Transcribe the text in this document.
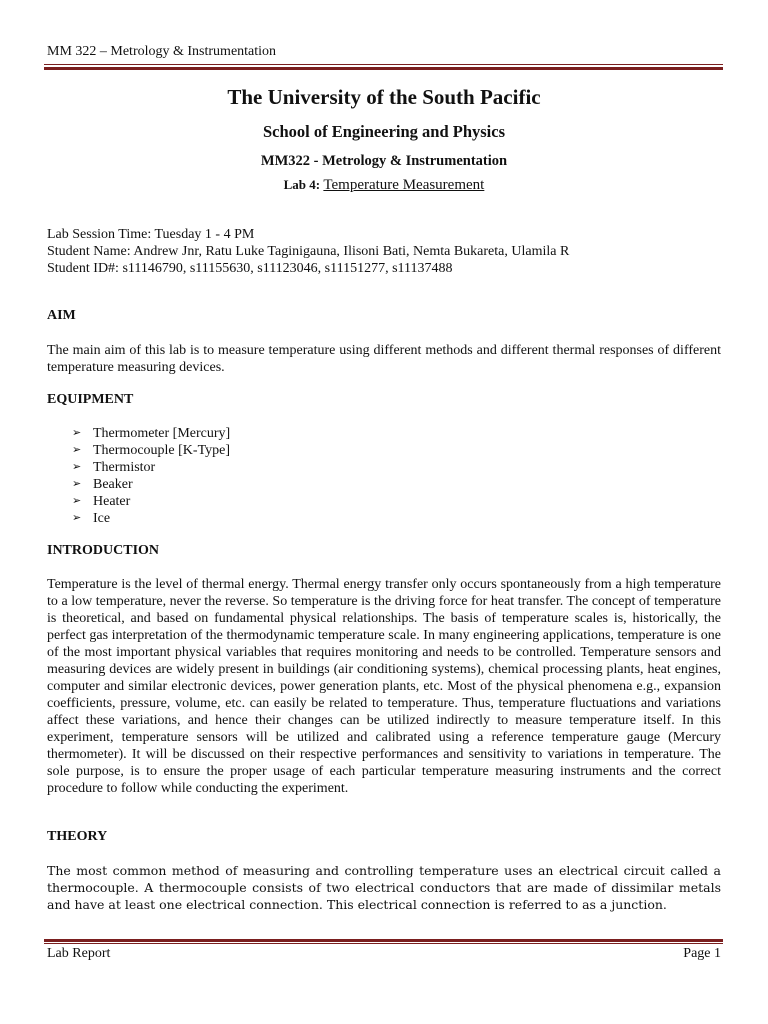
MM 322 – Metrology & Instrumentation
The University of the South Pacific
School of Engineering and Physics
MM322 - Metrology & Instrumentation
Lab 4: Temperature Measurement
Lab Session Time: Tuesday 1 - 4 PM
Student Name: Andrew Jnr, Ratu Luke Taginigauna, Ilisoni Bati, Nemta Bukareta, Ulamila R
Student ID#: s11146790, s11155630, s11123046, s11151277, s11137488
AIM
The main aim of this lab is to measure temperature using different methods and different thermal responses of different temperature measuring devices.
EQUIPMENT
➢ Thermometer [Mercury]
➢ Thermocouple [K-Type]
➢ Thermistor
➢ Beaker
➢ Heater
➢ Ice
INTRODUCTION
Temperature is the level of thermal energy. Thermal energy transfer only occurs spontaneously from a high temperature to a low temperature, never the reverse. So temperature is the driving force for heat transfer. The concept of temperature is theoretical, and based on fundamental physical relationships. The basis of temperature scales is, historically, the perfect gas interpretation of the thermodynamic temperature scale. In many engineering applications, temperature is one of the most important physical variables that requires monitoring and needs to be controlled. Temperature sensors and measuring devices are widely present in buildings (air conditioning systems), chemical processing plants, heat engines, computer and similar electronic devices, power generation plants, etc. Most of the physical phenomena e.g., expansion coefficients, pressure, volume, etc. can easily be related to temperature. Thus, temperature fluctuations and variations affect these variations, and hence their changes can be utilized indirectly to measure temperature itself. In this experiment, temperature sensors will be utilized and calibrated using a reference temperature gauge (Mercury thermometer). It will be discussed on their respective performances and sensitivity to variations in temperature. The sole purpose, is to ensure the proper usage of each particular temperature measuring instruments and the correct procedure to follow while conducting the experiment.
THEORY
The most common method of measuring and controlling temperature uses an electrical circuit called a thermocouple. A thermocouple consists of two electrical conductors that are made of dissimilar metals and have at least one electrical connection. This electrical connection is referred to as a junction.
Lab Report	Page 1
